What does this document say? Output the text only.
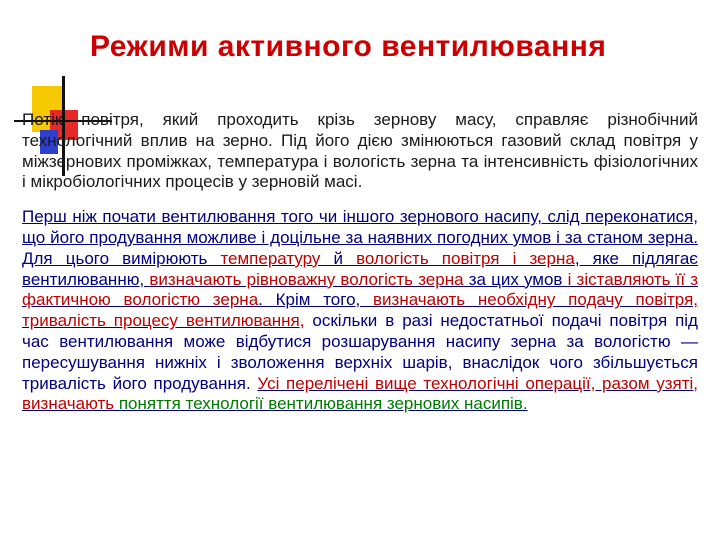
Режими активного вентилювання

Потік повітря, який проходить крізь зернову масу, справляє різнобічний технологічний вплив на зерно. Під його дією змінюються газовий склад повітря у міжзернових проміжках, температура і вологість зерна та інтенсивність фізіологічних і мікробіологічних процесів у зерновій масі.

Перш ніж почати вентилювання того чи іншого зернового насипу, слід переконатися, що його продування можливе і доцільне за наявних погодних умов і за станом зерна. Для цього вимірюють температуру й вологість повітря і зерна, яке підлягає вентилюванню, визначають рівноважну вологість зерна за цих умов і зіставляють її з фактичною вологістю зерна. Крім того, визначають необхідну подачу повітря, тривалість процесу вентилювання, оскільки в разі недостатньої подачі повітря під час вентилювання може відбутися розшарування насипу зерна за вологістю — пересушування нижніх і зволоження верхніх шарів, внаслідок чого збільшується тривалість його продування. Усі перелічені вище технологічні операції, разом узяті, визначають поняття технології вентилювання зернових насипів.
